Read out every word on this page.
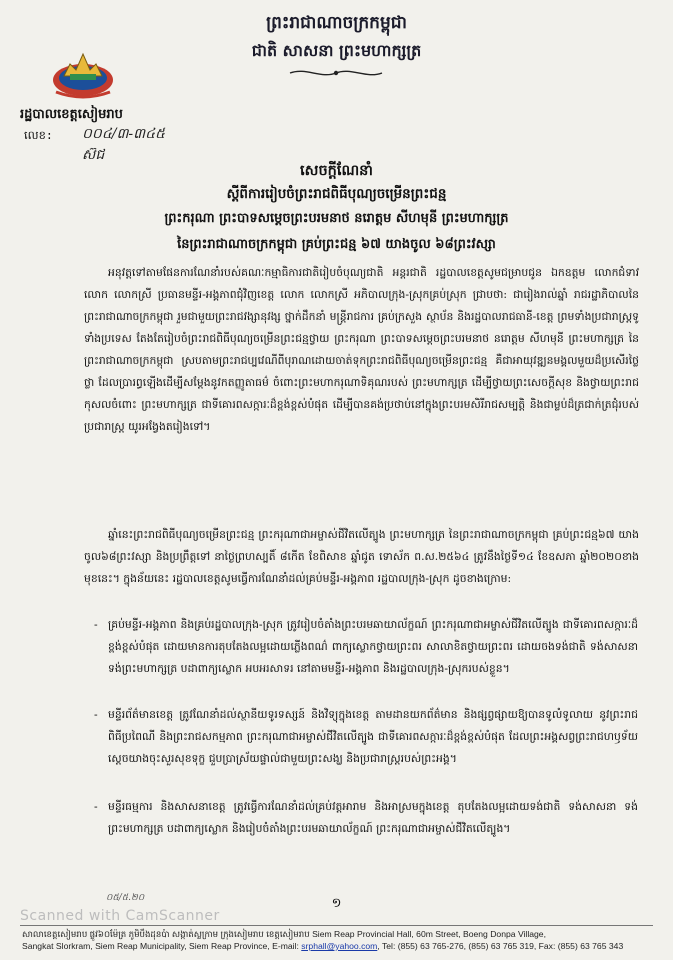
ព្រះរាជាណាចក្រកម្ពុជា
ជាតិ សាសនា ព្រះមហាក្សត្រ
រដ្ឋបាលខេត្តសៀមរាប
លេខ: ០០៤/៣-៣៤៥
ស៊ជ
សេចក្តីណែនាំ
ស្តីពីការរៀបចំព្រះរាជពិធីបុណ្យចម្រើនព្រះជន្ម
ព្រះករុណា ព្រះបាទសម្តេចព្រះបរមនាថ នរោត្តម សីហមុនី ព្រះមហាក្សត្រ
នៃព្រះរាជាណាចក្រកម្ពុជា គ្រប់ព្រះជន្ម ៦៧ យាងចូល ៦៨ព្រះវស្សា
អនុវត្តទៅតាមផែនការណែនាំរបស់គណៈកម្មាធិការជាតិរៀបចំបុណ្យជាតិ អន្តរជាតិ រដ្ឋបាលខេត្តសូមជម្រាបជូន ឯកឧត្តម លោកជំទាវ លោក លោកស្រី ប្រធានមន្ទីរ-អង្គភាពជុំវិញខេត្ត លោក លោកស្រី អភិបាលក្រុង-ស្រុកគ្រប់ស្រុក ជ្រាបថា: ជារៀងរាល់ឆ្នាំ រាជរដ្ឋាភិបាលនៃព្រះរាជាណាចក្រកម្ពុជា រួមជាមួយព្រះរាជវង្សានុវង្ស ថ្នាក់ដឹកនាំ មន្ត្រីរាជការ គ្រប់ក្រសួង ស្ថាប័ន និងរដ្ឋបាលរាជធានី-ខេត្ត ព្រមទាំងប្រជារាស្ត្រទូទាំងប្រទេស តែងតែរៀបចំព្រះរាជពិធីបុណ្យចម្រើនព្រះជន្មថ្វាយ ព្រះករុណា ព្រះបាទសម្តេចព្រះបរមនាថ នរោត្តម សីហមុនី ព្រះមហាក្សត្រ នៃព្រះរាជាណាចក្រកម្ពុជា ស្របតាមព្រះរាជប្បវេណីពីបុរាណដោយចាត់ទុកព្រះរាជពិធីបុណ្យចម្រើនព្រះជន្ម គឺជាអាយុវឌ្ឍនមង្គលមួយដ៏ប្រសើរថ្លៃថ្លា ដែលប្រារព្ធឡើងដើម្បីសម្តែងនូវកតញ្ញូតាធម៌ ចំពោះព្រះមហាករុណាទិគុណរបស់ ព្រះមហាក្សត្រ ដើម្បីថ្វាយព្រះសេចក្តីសុខ និងថ្វាយព្រះរាជកុសលចំពោះ ព្រះមហាក្សត្រ ជាទីគោរពសក្ការៈដ៏ខ្ពង់ខ្ពស់បំផុត ដើម្បីបានគង់ប្រថាប់នៅក្នុងព្រះបរមសិរីរាជសម្បត្តិ និងជាម្លប់ដ៏ត្រជាក់ត្រជុំរបស់ប្រជារាស្ត្រ យូរអង្វែងតរៀងទៅ។
ឆ្នាំនេះព្រះរាជពិធីបុណ្យចម្រើនព្រះជន្ម ព្រះករុណាជាអម្ចាស់ជីវិតលើត្បូង ព្រះមហាក្សត្រ នៃព្រះរាជាណាចក្រកម្ពុជា គ្រប់ព្រះជន្ម៦៧ យាងចូល៦៨ព្រះវស្សា និងប្រព្រឹត្តទៅ នាថ្ងៃព្រហស្បតិ៍ ៨កើត ខែពិសាខ ឆ្នាំជូត ទោស័ក ព.ស.២៥៦៤ ត្រូវនឹងថ្ងៃទី១៤ ខែឧសភា ឆ្នាំ២០២០ខាងមុខនេះ។ ក្នុងន័យនេះ រដ្ឋបាលខេត្តសូមធ្វើការណែនាំដល់គ្រប់មន្ទីរ-អង្គភាព រដ្ឋបាលក្រុង-ស្រុក ដូចខាងក្រោម:
- គ្រប់មន្ទីរ-អង្គភាព និងគ្រប់រដ្ឋបាលក្រុង-ស្រុក ត្រូវរៀបចំតាំងព្រះបរមឆាយាល័ក្ខណ៍ ព្រះករុណាជាអម្ចាស់ជីវិតលើត្បូង ជាទីគោរពសក្ការៈដ៏ខ្ពង់ខ្ពស់បំផុត ដោយមានការតុបតែងលម្អដោយភ្លើងពណ៌ ពាក្យស្លោកថ្វាយព្រះពរ សាលាខិតថ្វាយព្រះពរ ដោយចងទង់ជាតិ ទង់សាសនា ទង់ព្រះមហាក្សត្រ បដាពាក្យស្លោក អបអរសាទរ នៅតាមមន្ទីរ-អង្គភាព និងរដ្ឋបាលក្រុង-ស្រុករបស់ខ្លួន។
- មន្ទីរព័ត៌មានខេត្ត ត្រូវណែនាំដល់ស្ថានីយទូរទស្សន៍ និងវិទ្យុក្នុងខេត្ត តាមដានយកព័ត៌មាន និងផ្សព្វផ្សាយឱ្យបានទូលំទូលាយ នូវព្រះរាជពិធីប្រពៃណី និងព្រះរាជសកម្មភាព ព្រះករុណាជាអម្ចាស់ជីវិតលើត្បូង ជាទីគោរពសក្ការៈដ៏ខ្ពង់ខ្ពស់បំផុត ដែលព្រះអង្គសព្វព្រះរាជហឫទ័យ ស្តេចយាងចុះសួរសុខទុក្ខ ជួបប្រាស្រ័យផ្ទាល់ជាមួយព្រះសង្ឃ និងប្រជារាស្ត្ររបស់ព្រះអង្គ។
- មន្ទីរធម្មការ និងសាសនាខេត្ត ត្រូវធ្វើការណែនាំដល់គ្រប់វត្តអារាម និងអាស្រមក្នុងខេត្ត តុបតែងលម្អដោយទង់ជាតិ ទង់សាសនា ទង់ព្រះមហាក្សត្រ បដាពាក្យស្លោក និងរៀបចំតាំងព្រះបរមឆាយាល័ក្ខណ៍ ព្រះករុណាជាអម្ចាស់ជីវិតលើត្បូង។
០៥/៥.២០	១
Scanned with CamScanner
សាលាខេត្តសៀមរាប ផ្លូវ៦០ម៉ែត្រ ភូមិបឹងដុនប៉ា សង្កាត់ស្លក្រាម ក្រុងសៀមរាប ខេត្តសៀមរាប Siem Reap Provincial Hall, 60m Street, Boeng Donpa Village,
Sangkat Slorkram, Siem Reap Municipality, Siem Reap Province, E-mail: srphall@yahoo.com, Tel: (855) 63 765-276, (855) 63 765 319, Fax: (855) 63 765 343
